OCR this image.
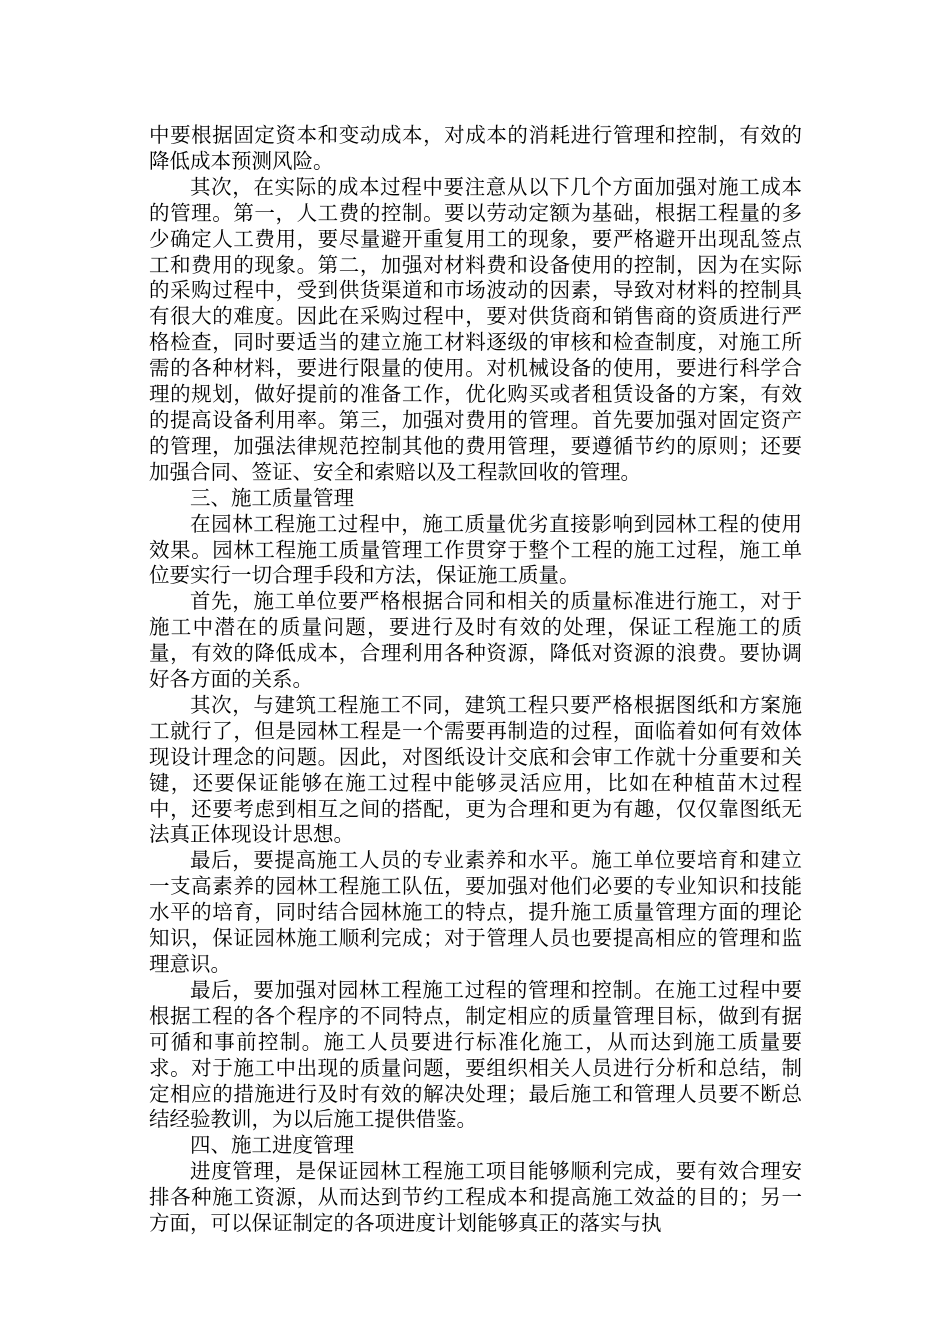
中要根据固定资本和变动成本，对成本的消耗进行管理和控制，有效的降低成本预测风险。

其次，在实际的成本过程中要注意从以下几个方面加强对施工成本的管理。第一，人工费的控制。要以劳动定额为基础，根据工程量的多少确定人工费用，要尽量避开重复用工的现象，要严格避开出现乱签点工和费用的现象。第二，加强对材料费和设备使用的控制，因为在实际的采购过程中，受到供货渠道和市场波动的因素，导致对材料的控制具有很大的难度。因此在采购过程中，要对供货商和销售商的资质进行严格检查，同时要适当的建立施工材料逐级的审核和检查制度，对施工所需的各种材料，要进行限量的使用。对机械设备的使用，要进行科学合理的规划，做好提前的准备工作，优化购买或者租赁设备的方案，有效的提高设备利用率。第三，加强对费用的管理。首先要加强对固定资产的管理，加强法律规范控制其他的费用管理，要遵循节约的原则；还要加强合同、签证、安全和索赔以及工程款回收的管理。

三、施工质量管理

在园林工程施工过程中，施工质量优劣直接影响到园林工程的使用效果。园林工程施工质量管理工作贯穿于整个工程的施工过程，施工单位要实行一切合理手段和方法，保证施工质量。

首先，施工单位要严格根据合同和相关的质量标准进行施工，对于施工中潜在的质量问题，要进行及时有效的处理，保证工程施工的质量，有效的降低成本，合理利用各种资源，降低对资源的浪费。要协调好各方面的关系。

其次，与建筑工程施工不同，建筑工程只要严格根据图纸和方案施工就行了，但是园林工程是一个需要再制造的过程，面临着如何有效体现设计理念的问题。因此，对图纸设计交底和会审工作就十分重要和关键，还要保证能够在施工过程中能够灵活应用，比如在种植苗木过程中，还要考虑到相互之间的搭配，更为合理和更为有趣，仅仅靠图纸无法真正体现设计思想。

最后，要提高施工人员的专业素养和水平。施工单位要培育和建立一支高素养的园林工程施工队伍，要加强对他们必要的专业知识和技能水平的培育，同时结合园林施工的特点，提升施工质量管理方面的理论知识，保证园林施工顺利完成；对于管理人员也要提高相应的管理和监理意识。

最后，要加强对园林工程施工过程的管理和控制。在施工过程中要根据工程的各个程序的不同特点，制定相应的质量管理目标，做到有据可循和事前控制。施工人员要进行标准化施工，从而达到施工质量要求。对于施工中出现的质量问题，要组织相关人员进行分析和总结，制定相应的措施进行及时有效的解决处理；最后施工和管理人员要不断总结经验教训，为以后施工提供借鉴。

四、施工进度管理

进度管理，是保证园林工程施工项目能够顺利完成，要有效合理安排各种施工资源，从而达到节约工程成本和提高施工效益的目的；另一方面，可以保证制定的各项进度计划能够真正的落实与执
